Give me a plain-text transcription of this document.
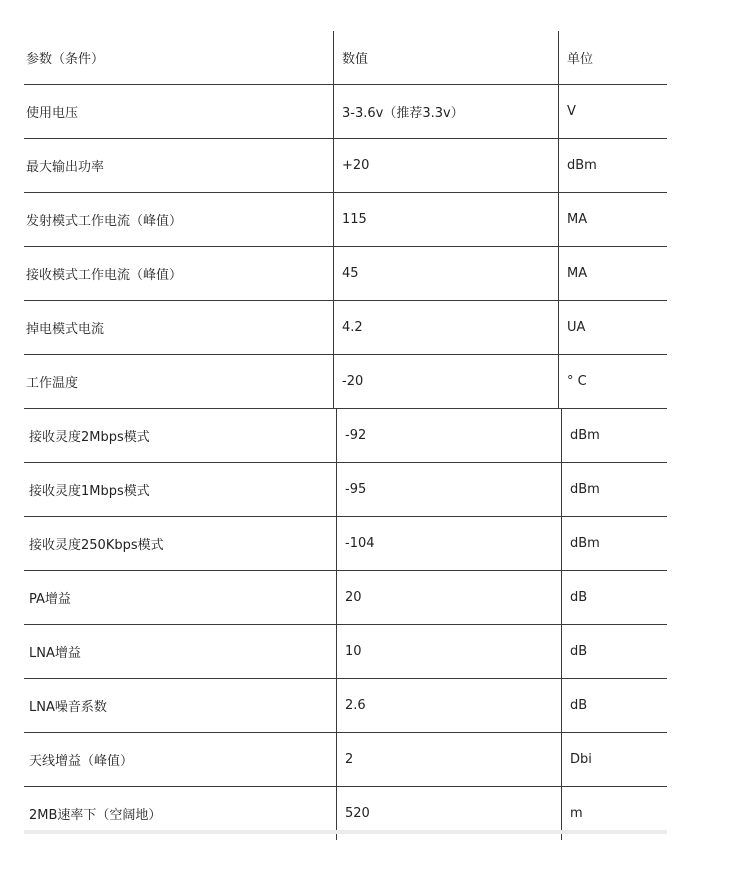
参数（条件）	数值	单位
使用电压	3-3.6v（推荐3.3v）	V
最大输出功率	+20	dBm
发射模式工作电流（峰值）	115	MA
接收模式工作电流（峰值）	45	MA
掉电模式电流	4.2	UA
工作温度	-20	° C
接收灵度2Mbps模式	-92	dBm
接收灵度1Mbps模式	-95	dBm
接收灵度250Kbps模式	-104	dBm
PA增益	20	dB
LNA增益	10	dB
LNA噪音系数	2.6	dB
天线增益（峰值）	2	Dbi
2MB速率下（空阔地）	520	m
